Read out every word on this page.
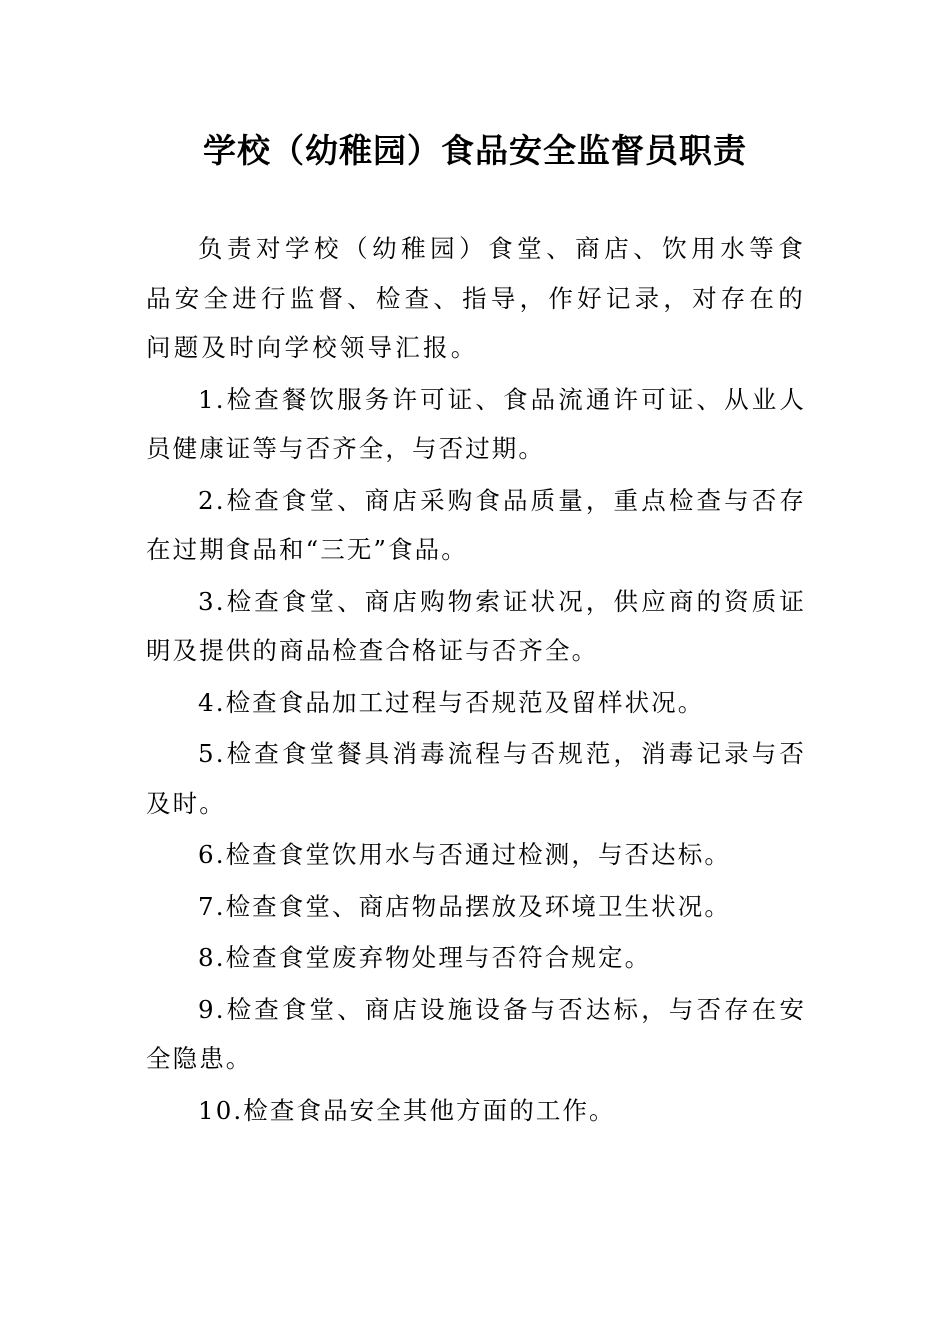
学校（幼稚园）食品安全监督员职责

负责对学校（幼稚园）食堂、商店、饮用水等食品安全进行监督、检查、指导，作好记录，对存在的问题及时向学校领导汇报。

1.检查餐饮服务许可证、食品流通许可证、从业人员健康证等与否齐全，与否过期。

2.检查食堂、商店采购食品质量，重点检查与否存在过期食品和“三无”食品。

3.检查食堂、商店购物索证状况，供应商的资质证明及提供的商品检查合格证与否齐全。

4.检查食品加工过程与否规范及留样状况。

5.检查食堂餐具消毒流程与否规范，消毒记录与否及时。

6.检查食堂饮用水与否通过检测，与否达标。

7.检查食堂、商店物品摆放及环境卫生状况。

8.检查食堂废弃物处理与否符合规定。

9.检查食堂、商店设施设备与否达标，与否存在安全隐患。

10.检查食品安全其他方面的工作。
